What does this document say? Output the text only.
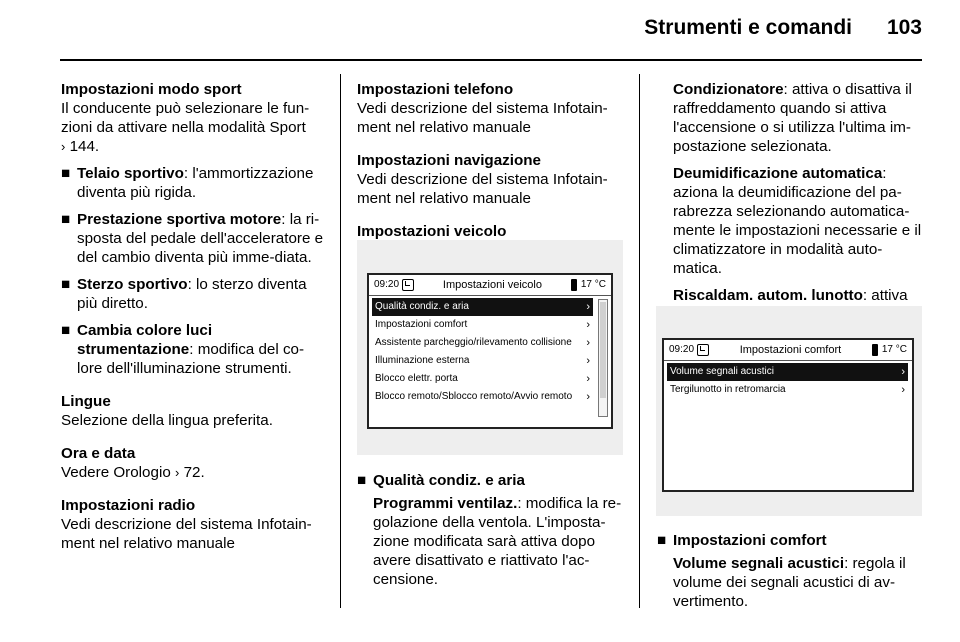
Strumenti e comandi 103
Impostazioni modo sport
Il conducente può selezionare le fun-zioni da attivare nella modalità Sport
› 144.
■ Telaio sportivo: l'ammortizzazione diventa più rigida.
■ Prestazione sportiva motore: la ri-sposta del pedale dell'acceleratore e del cambio diventa più imme-diata.
■ Sterzo sportivo: lo sterzo diventa più diretto.
■ Cambia colore luci strumentazione: modifica del co-lore dell'illuminazione strumenti.
Lingue
Selezione della lingua preferita.
Ora e data
Vedere Orologio › 72.
Impostazioni radio
Vedi descrizione del sistema Infotain-ment nel relativo manuale
Impostazioni telefono
Vedi descrizione del sistema Infotain-ment nel relativo manuale
Impostazioni navigazione
Vedi descrizione del sistema Infotain-ment nel relativo manuale
Impostazioni veicolo
■ Qualità condiz. e aria
Programmi ventilaz.: modifica la re-golazione della ventola. L'imposta-zione modificata sarà attiva dopo avere disattivato e riattivato l'ac-censione.
09:20	Impostazioni veicolo	17 °C
Qualità condiz. e aria	›
Impostazioni comfort	›
Assistente parcheggio/rilevamento collisione ›
Illuminazione esterna	›
Blocco elettr. porta	›
Blocco remoto/Sblocco remoto/Avvio remoto ›
Condizionatore: attiva o disattiva il raffreddamento quando si attiva l'accensione o si utilizza l'ultima im-postazione selezionata.
Deumidificazione automatica: aziona la deumidificazione del pa-rabrezza selezionando automatica-mente le impostazioni necessarie e il climatizzatore in modalità auto-matica.
Riscaldam. autom. lunotto: attiva
■ Impostazioni comfort
Volume segnali acustici: regola il volume dei segnali acustici di av-vertimento.
09:20	Impostazioni comfort	17 °C
Volume segnali acustici	›
Tergilunotto in retromarcia	›
